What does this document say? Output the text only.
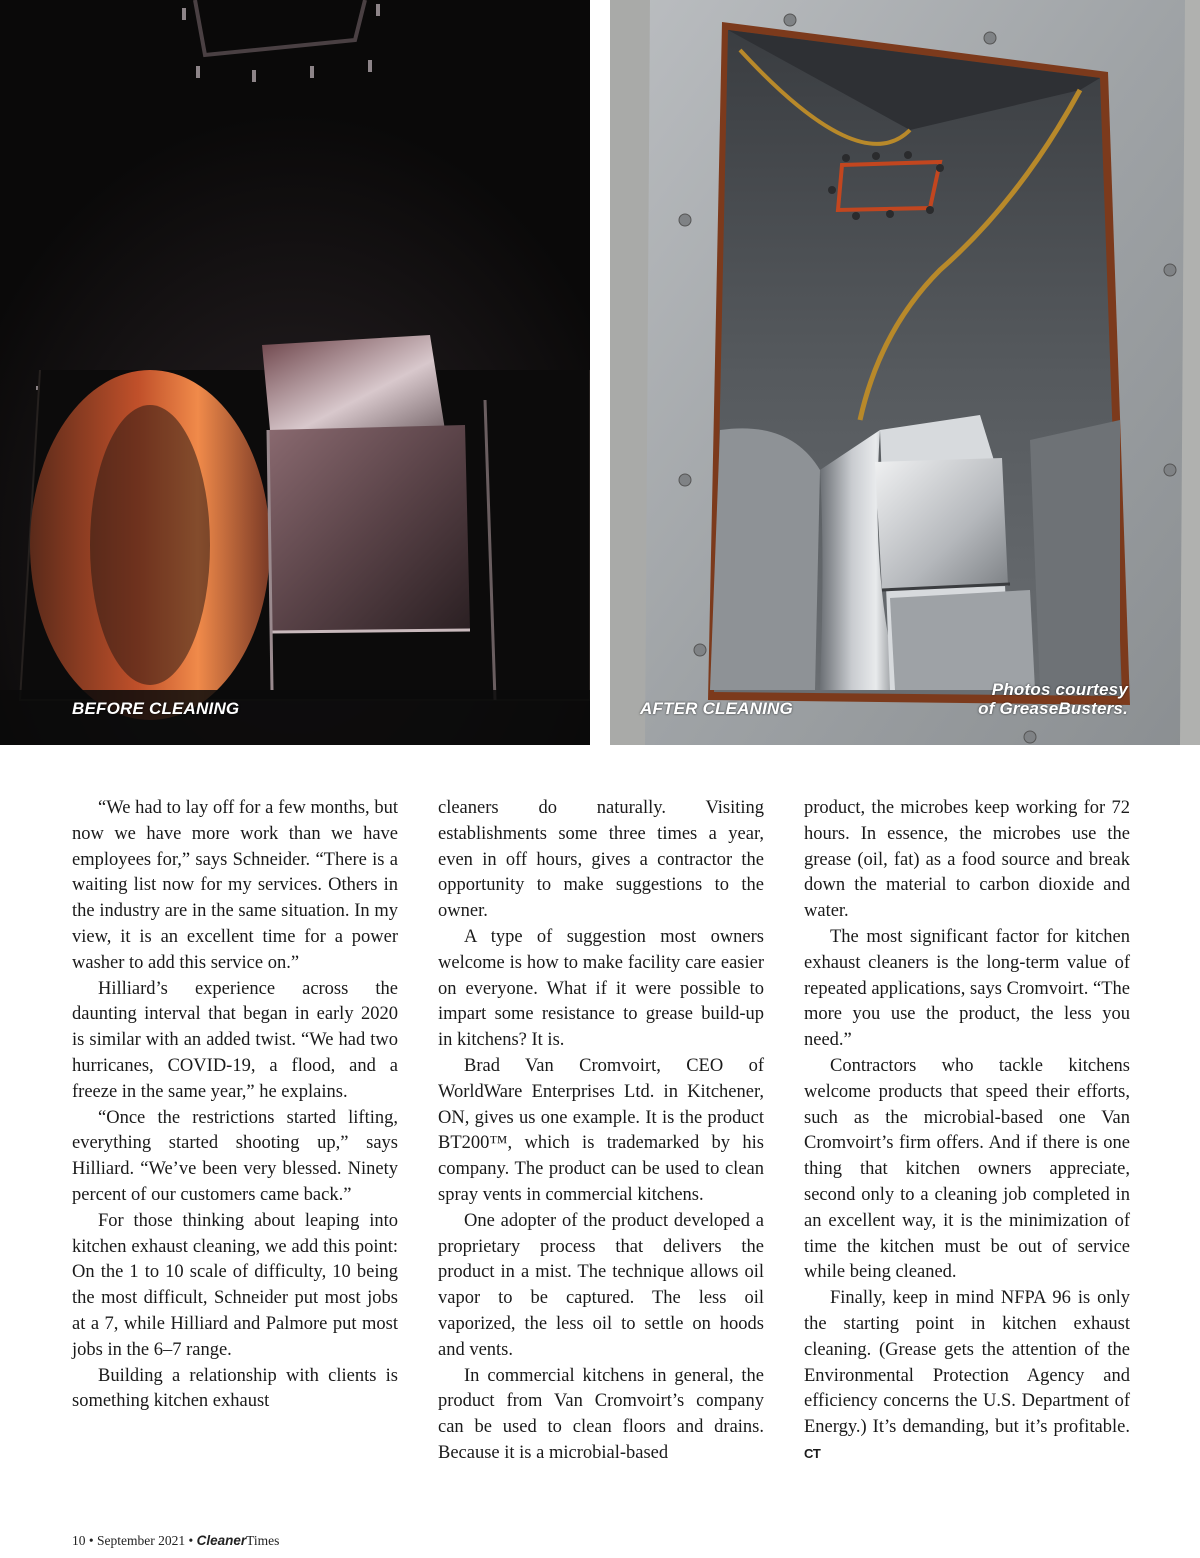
BEFORE CLEANING	AFTER CLEANING
Photos courtesy
of GreaseBusters.

“We had to lay off for a few months, but now we have more work than we have employees for,” says Schneider. “There is a waiting list now for my services. Others in the industry are in the same situation. In my view, it is an excellent time for a power washer to add this service on.”

Hilliard’s experience across the daunting interval that began in early 2020 is similar with an added twist. “We had two hurricanes, COVID-19, a flood, and a freeze in the same year,” he explains.

“Once the restrictions started lifting, everything started shooting up,” says Hilliard. “We’ve been very blessed. Ninety percent of our customers came back.”

For those thinking about leaping into kitchen exhaust cleaning, we add this point: On the 1 to 10 scale of difficulty, 10 being the most difficult, Schneider put most jobs at a 7, while Hilliard and Palmore put most jobs in the 6–7 range.

Building a relationship with clients is something kitchen exhaust

cleaners do naturally. Visiting establishments some three times a year, even in off hours, gives a contractor the opportunity to make suggestions to the owner.

A type of suggestion most owners welcome is how to make facility care easier on everyone. What if it were possible to impart some resistance to grease build-up in kitchens? It is.

Brad Van Cromvoirt, CEO of WorldWare Enterprises Ltd. in Kitchener, ON, gives us one example. It is the product BT200™, which is trademarked by his company. The product can be used to clean spray vents in commercial kitchens.

One adopter of the product developed a proprietary process that delivers the product in a mist. The technique allows oil vapor to be captured. The less oil vaporized, the less oil to settle on hoods and vents.

In commercial kitchens in general, the product from Van Cromvoirt’s company can be used to clean floors and drains. Because it is a microbial-based

product, the microbes keep working for 72 hours. In essence, the microbes use the grease (oil, fat) as a food source and break down the material to carbon dioxide and water.

The most significant factor for kitchen exhaust cleaners is the long-term value of repeated applications, says Cromvoirt. “The more you use the product, the less you need.”

Contractors who tackle kitchens welcome products that speed their efforts, such as the microbial-based one Van Cromvoirt’s firm offers. And if there is one thing that kitchen owners appreciate, second only to a cleaning job completed in an excellent way, it is the minimization of time the kitchen must be out of service while being cleaned.

Finally, keep in mind NFPA 96 is only the starting point in kitchen exhaust cleaning. (Grease gets the attention of the Environmental Protection Agency and efficiency concerns the U.S. Department of Energy.) It’s demanding, but it’s profitable. CT

10 • September 2021 • CleanerTimes
